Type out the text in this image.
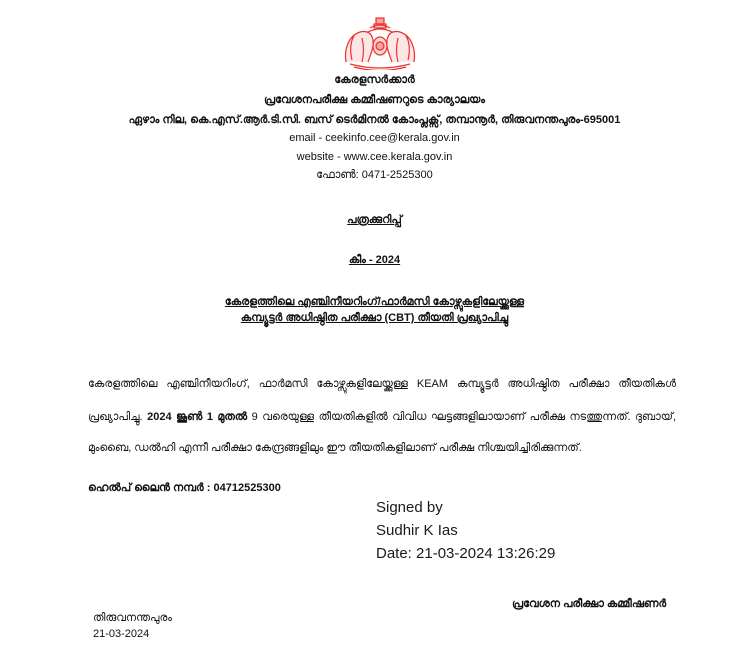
കേരളസർക്കാർ
പ്രവേശനപരീക്ഷ കമ്മീഷണറുടെ കാര്യാലയം
ഏഴാം നില, കെ.എസ്.ആർ.ടി.സി. ബസ് ടെർമിനൽ കോംപ്ലക്സ്, തമ്പാനൂർ, തിരുവനന്തപുരം-695001
email - ceekinfo.cee@kerala.gov.in
website - www.cee.kerala.gov.in
ഫോൺ: 0471-2525300
പത്രക്കുറിപ്പ്
കീം - 2024
കേരളത്തിലെ എഞ്ചിനീയറിംഗ്/ഫാർമസി കോഴ്സുകളിലേയ്ക്കുള്ള
കമ്പ്യൂട്ടർ അധിഷ്ഠിത പരീക്ഷാ (CBT) തീയതി പ്രഖ്യാപിച്ചു
കേരളത്തിലെ എഞ്ചിനീയറിംഗ്, ഫാർമസി കോഴ്സുകളിലേയ്ക്കുള്ള KEAM കമ്പ്യൂട്ടർ അധിഷ്ഠിത പരീക്ഷാ തീയതികൾ
പ്രഖ്യാപിച്ചു. 2024 ജൂൺ 1 മുതൽ 9 വരെയുള്ള തീയതികളിൽ വിവിധ ഘട്ടങ്ങളിലായാണ് പരീക്ഷ നടത്തുന്നത്. ദുബായ്,
മുംബൈ, ഡൽഹി എന്നീ പരീക്ഷാ കേന്ദ്രങ്ങളിലും ഈ തീയതികളിലാണ് പരീക്ഷ നിശ്ചയിച്ചിരിക്കുന്നത്.
ഹെൽപ് ലൈൻ നമ്പർ : 04712525300
Signed by
Sudhir K Ias
Date: 21-03-2024 13:26:29
പ്രവേശന പരീക്ഷാ കമ്മീഷണർ
തിരുവനന്തപുരം
21-03-2024
